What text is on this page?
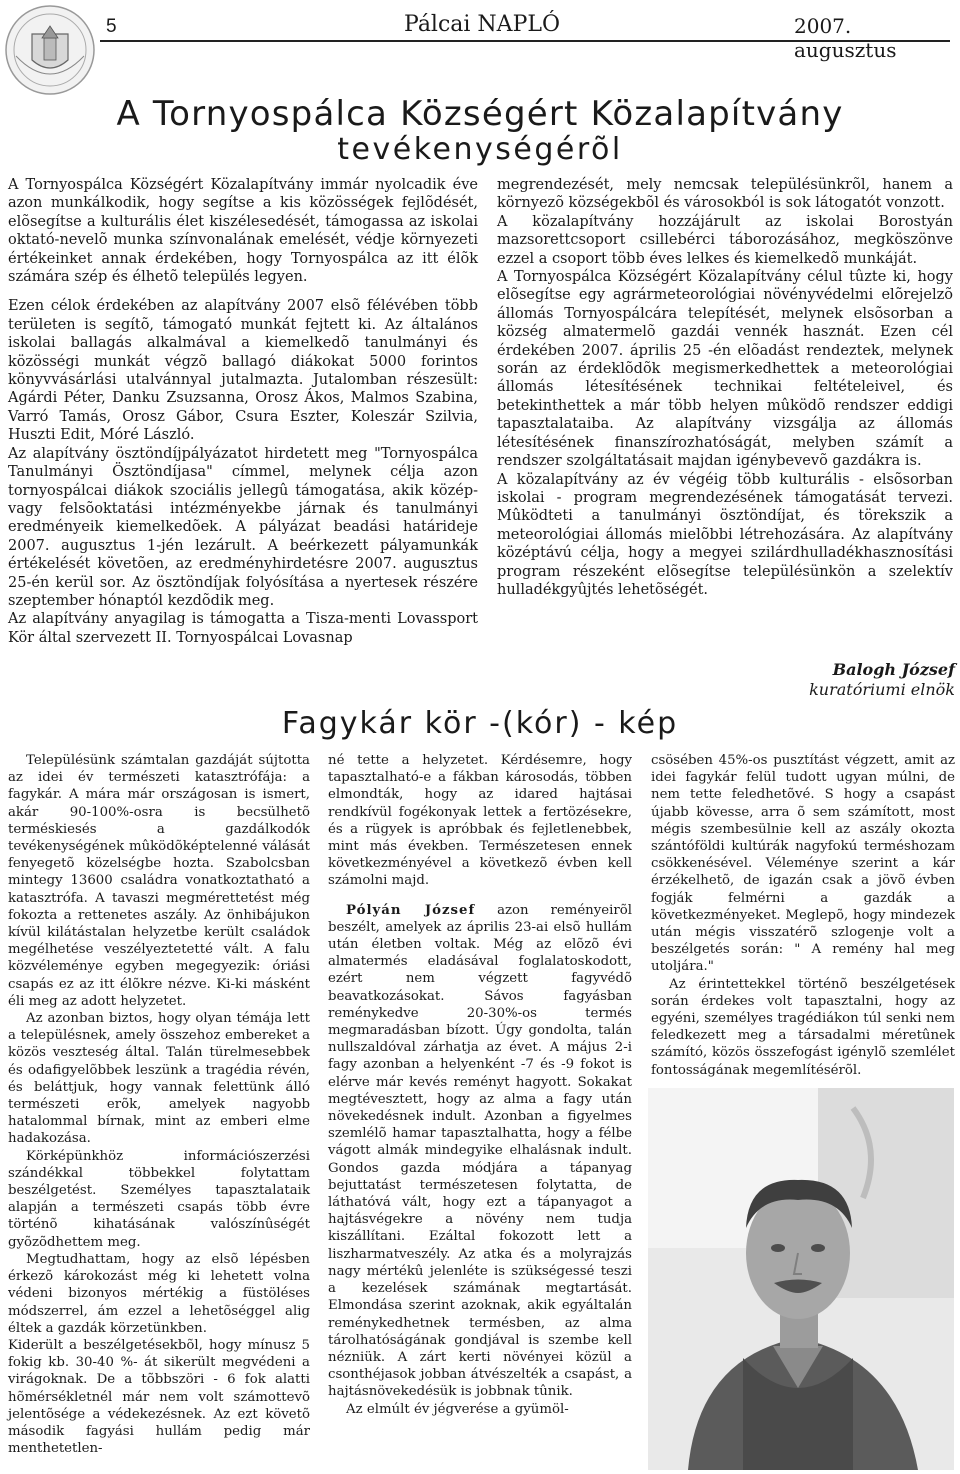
5	Pálcai NAPLÓ	2007. augusztus
A Tornyospálca Községért Közalapítvány
tevékenységérõl

A Tornyospálca Községért Közalapítvány immár nyolcadik éve azon munkálkodik, hogy segítse a kis közösségek fejlõdését, elõsegítse a kulturális élet kiszélesedését, támogassa az iskolai oktató-nevelõ munka színvonalának emelését, védje környezeti értékeinket annak érdekében, hogy Tornyospálca az itt élõk számára szép és élhetõ település legyen.

Ezen célok érdekében az alapítvány 2007 elsõ félévében több területen is segítõ, támogató munkát fejtett ki. Az általános iskolai ballagás alkalmával a kiemelkedõ tanulmányi és közösségi munkát végzõ ballagó diákokat 5000 forintos könyvvásárlási utalvánnyal jutalmazta. Jutalomban részesült: Agárdi Péter, Danku Zsuzsanna, Orosz Ákos, Malmos Szabina, Varró Tamás, Orosz Gábor, Csura Eszter, Koleszár Szilvia, Huszti Edit, Móré László.

Az alapítvány ösztöndíjpályázatot hirdetett meg "Tornyospálca Tanulmányi Ösztöndíjasa" címmel, melynek célja azon tornyospálcai diákok szociális jellegû támogatása, akik közép- vagy felsõoktatási intézményekbe járnak és tanulmányi eredményeik kiemelkedõek. A pályázat beadási határideje 2007. augusztus 1-jén lezárult. A beérkezett pályamunkák értékelését követõen, az eredményhirdetésre 2007. augusztus 25-én kerül sor. Az ösztöndíjak folyósítása a nyertesek részére szeptember hónaptól kezdõdik meg.

Az alapítvány anyagilag is támogatta a Tisza-menti Lovassport Kör által szervezett II. Tornyospálcai Lovasnap

megrendezését, mely nemcsak településünkrõl, hanem a környezõ községekbõl és városokból is sok látogatót vonzott.

A közalapítvány hozzájárult az iskolai Borostyán mazsorettcsoport csillebérci táborozásához, megköszönve ezzel a csoport több éves lelkes és kiemelkedõ munkáját.

A Tornyospálca Községért Közalapítvány célul tûzte ki, hogy elõsegítse egy agrármeteorológiai növényvédelmi elõrejelzõ állomás Tornyospálcára telepítését, melynek elsõsorban a község almatermelõ gazdái vennék hasznát. Ezen cél érdekében 2007. április 25 -én elõadást rendeztek, melynek során az érdeklõdõk megismerkedhettek a meteorológiai állomás létesítésének technikai feltételeivel, és betekinthettek a már több helyen mûködõ rendszer eddigi tapasztalataiba. Az alapítvány vizsgálja az állomás létesítésének finanszírozhatóságát, melyben számít a rendszer szolgáltatásait majdan igénybevevõ gazdákra is.

A közalapítvány az év végéig több kulturális - elsõsorban iskolai - program megrendezésének támogatását tervezi. Mûködteti a tanulmányi ösztöndíjat, és törekszik a meteorológiai állomás mielõbbi létrehozására. Az alapítvány középtávú célja, hogy a megyei szilárdhulladékhasznosítási program részeként elõsegítse településünkön a szelektív hulladékgyûjtés lehetõségét.

Balogh József
kuratóriumi elnök
Fagykár kör -(kór) - kép

Településünk számtalan gazdáját sújtotta az idei év természeti katasztrófája: a fagykár. A mára már országosan is ismert, akár 90-100%-osra is becsülhetõ terméskiesés a gazdálkodók tevékenységének mûködõképtelenné válását fenyegetõ közelségbe hozta. Szabolcsban mintegy 13600 családra vonatkoztatható a katasztrófa. A tavaszi megmérettetést még fokozta a rettenetes aszály. Az önhibájukon kívül kilátástalan helyzetbe került családok megélhetése veszélyeztetetté vált. A falu közvéleménye egyben megegyezik: óriási csapás ez az itt élõkre nézve. Ki-ki másként éli meg az adott helyzetet.

Az azonban biztos, hogy olyan témája lett a településnek, amely összehoz embereket a közös veszteség által. Talán türelmesebbek és odafigyelõbbek leszünk a tragédia révén, és beláttjuk, hogy vannak felettünk álló természeti erõk, amelyek nagyobb hatalommal bírnak, mint az emberi elme hadakozása.

Körképünkhöz információszerzési szándékkal többekkel folytattam beszélgetést. Személyes tapasztalataik alapján a természeti csapás több évre történõ kihatásának valószínûségét gyõzõdhettem meg.

Megtudhattam, hogy az elsõ lépésben érkezõ károkozást még ki lehetett volna védeni bizonyos mértékig a füstöléses módszerrel, ám ezzel a lehetõséggel alig éltek a gazdák körzetünkben.

Kiderült a beszélgetésekbõl, hogy mínusz 5 fokig kb. 30-40 %- át sikerült megvédeni a virágoknak. De a tõbbszöri - 6 fok alatti hõmérsékletnél már nem volt számottevõ jelentõsége a védekezésnek. Az ezt követõ második fagyási hullám pedig már menthetetlen-

né tette a helyzetet. Kérdésemre, hogy tapasztalható-e a fákban károsodás, többen elmondták, hogy az idared hajtásai rendkívül fogékonyak lettek a fertözésekre, és a rügyek is apróbbak és fejletlenebbek, mint más években. Természetesen ennek következményével a következõ évben kell számolni majd.

Pólyán József azon reményeirõl beszélt, amelyek az április 23-ai elsõ hullám után életben voltak. Még az elõzõ évi almatermés eladásával foglalatoskodott, ezért nem végzett fagyvédõ beavatkozásokat. Sávos fagyásban reménykedve 20-30%-os termés megmaradásban bízott. Úgy gondolta, talán nullszaldóval zárhatja az évet. A május 2-i fagy azonban a helyenként -7 és -9 fokot is elérve már kevés reményt hagyott. Sokakat megtévesztett, hogy az alma a fagy után növekedésnek indult. Azonban a figyelmes szemlélõ hamar tapasztalhatta, hogy a félbe vágott almák mindegyike elhalásnak indult. Gondos gazda módjára a tápanyag bejuttatást természetesen folytatta, de láthatóvá vált, hogy ezt a tápanyagot a hajtásvégekre a növény nem tudja kiszállítani. Ezáltal fokozott lett a liszharmatveszély. Az atka és a molyrajzás nagy mértékû jelenléte is szükségessé teszi a kezelések számának megtartását. Elmondása szerint azoknak, akik egyáltalán reménykedhetnek termésben, az alma tárolhatóságának gondjával is szembe kell nézniük. A zárt kerti növényei közül a csonthéjasok jobban átvészelték a csapást, a hajtásnövekedésük is jobbnak tûnik.

Az elmúlt év jégverése a gyümöl-

csösében 45%-os pusztítást végzett, amit az idei fagykár felül tudott ugyan múlni, de nem tette feledhetõvé. S hogy a csapást újabb kövesse, arra õ sem számított, most mégis szembesülnie kell az aszály okozta szántóföldi kultúrák nagyfokú terméshozam csökkenésével. Véleménye szerint a kár érzékelhetõ, de igazán csak a jövõ évben fogják felmérni a gazdák a következményeket. Meglepõ, hogy mindezek után mégis visszatérõ szlogenje volt a beszélgetés során: " A remény hal meg utoljára."

Az érintettekkel történõ beszélgetések során érdekes volt tapasztalni, hogy az egyéni, személyes tragédiákon túl senki nem feledkezett meg a társadalmi méretûnek számító, közös összefogást igénylõ szemlélet fontosságának megemlítésérõl.
